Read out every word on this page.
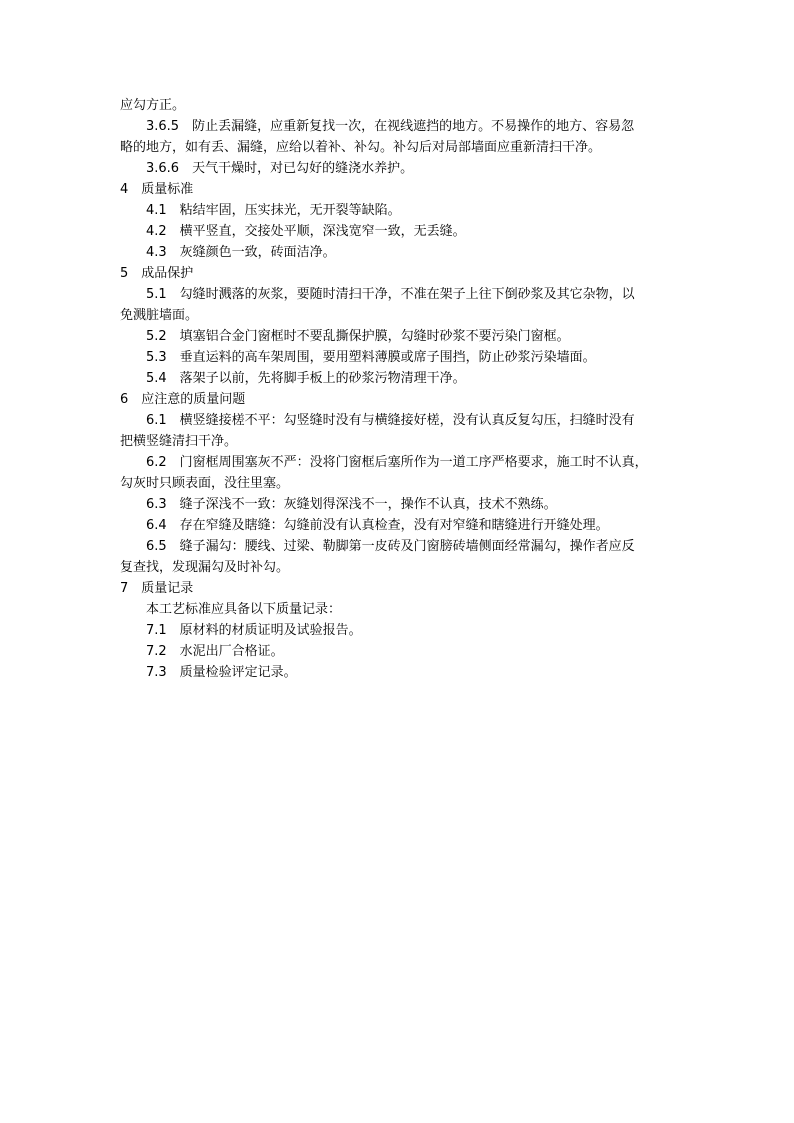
应勾方正。
3.6.5　防止丢漏缝，应重新复找一次，在视线遮挡的地方。不易操作的地方、容易忽
略的地方，如有丢、漏缝，应给以着补、补勾。补勾后对局部墙面应重新清扫干净。
3.6.6　天气干燥时，对已勾好的缝浇水养护。
4　质量标准
4.1　粘结牢固，压实抹光，无开裂等缺陷。
4.2　横平竖直，交接处平顺，深浅宽窄一致，无丢缝。
4.3　灰缝颜色一致，砖面洁净。
5　成品保护
5.1　勾缝时溅落的灰浆，要随时清扫干净，不准在架子上往下倒砂浆及其它杂物，以
免溅脏墙面。
5.2　填塞铝合金门窗框时不要乱撕保护膜，勾缝时砂浆不要污染门窗框。
5.3　垂直运料的高车架周围，要用塑料薄膜或席子围挡，防止砂浆污染墙面。
5.4　落架子以前，先将脚手板上的砂浆污物清理干净。
6　应注意的质量问题
6.1　横竖缝接槎不平：勾竖缝时没有与横缝接好槎，没有认真反复勾压，扫缝时没有
把横竖缝清扫干净。
6.2　门窗框周围塞灰不严：没将门窗框后塞所作为一道工序严格要求，施工时不认真，
勾灰时只顾表面，没往里塞。
6.3　缝子深浅不一致：灰缝划得深浅不一，操作不认真，技术不熟练。
6.4　存在窄缝及瞎缝：勾缝前没有认真检查，没有对窄缝和瞎缝进行开缝处理。
6.5　缝子漏勾：腰线、过梁、勒脚第一皮砖及门窗膀砖墙侧面经常漏勾，操作者应反
复查找，发现漏勾及时补勾。
7　质量记录
本工艺标准应具备以下质量记录：
7.1　原材料的材质证明及试验报告。
7.2　水泥出厂合格证。
7.3　质量检验评定记录。
